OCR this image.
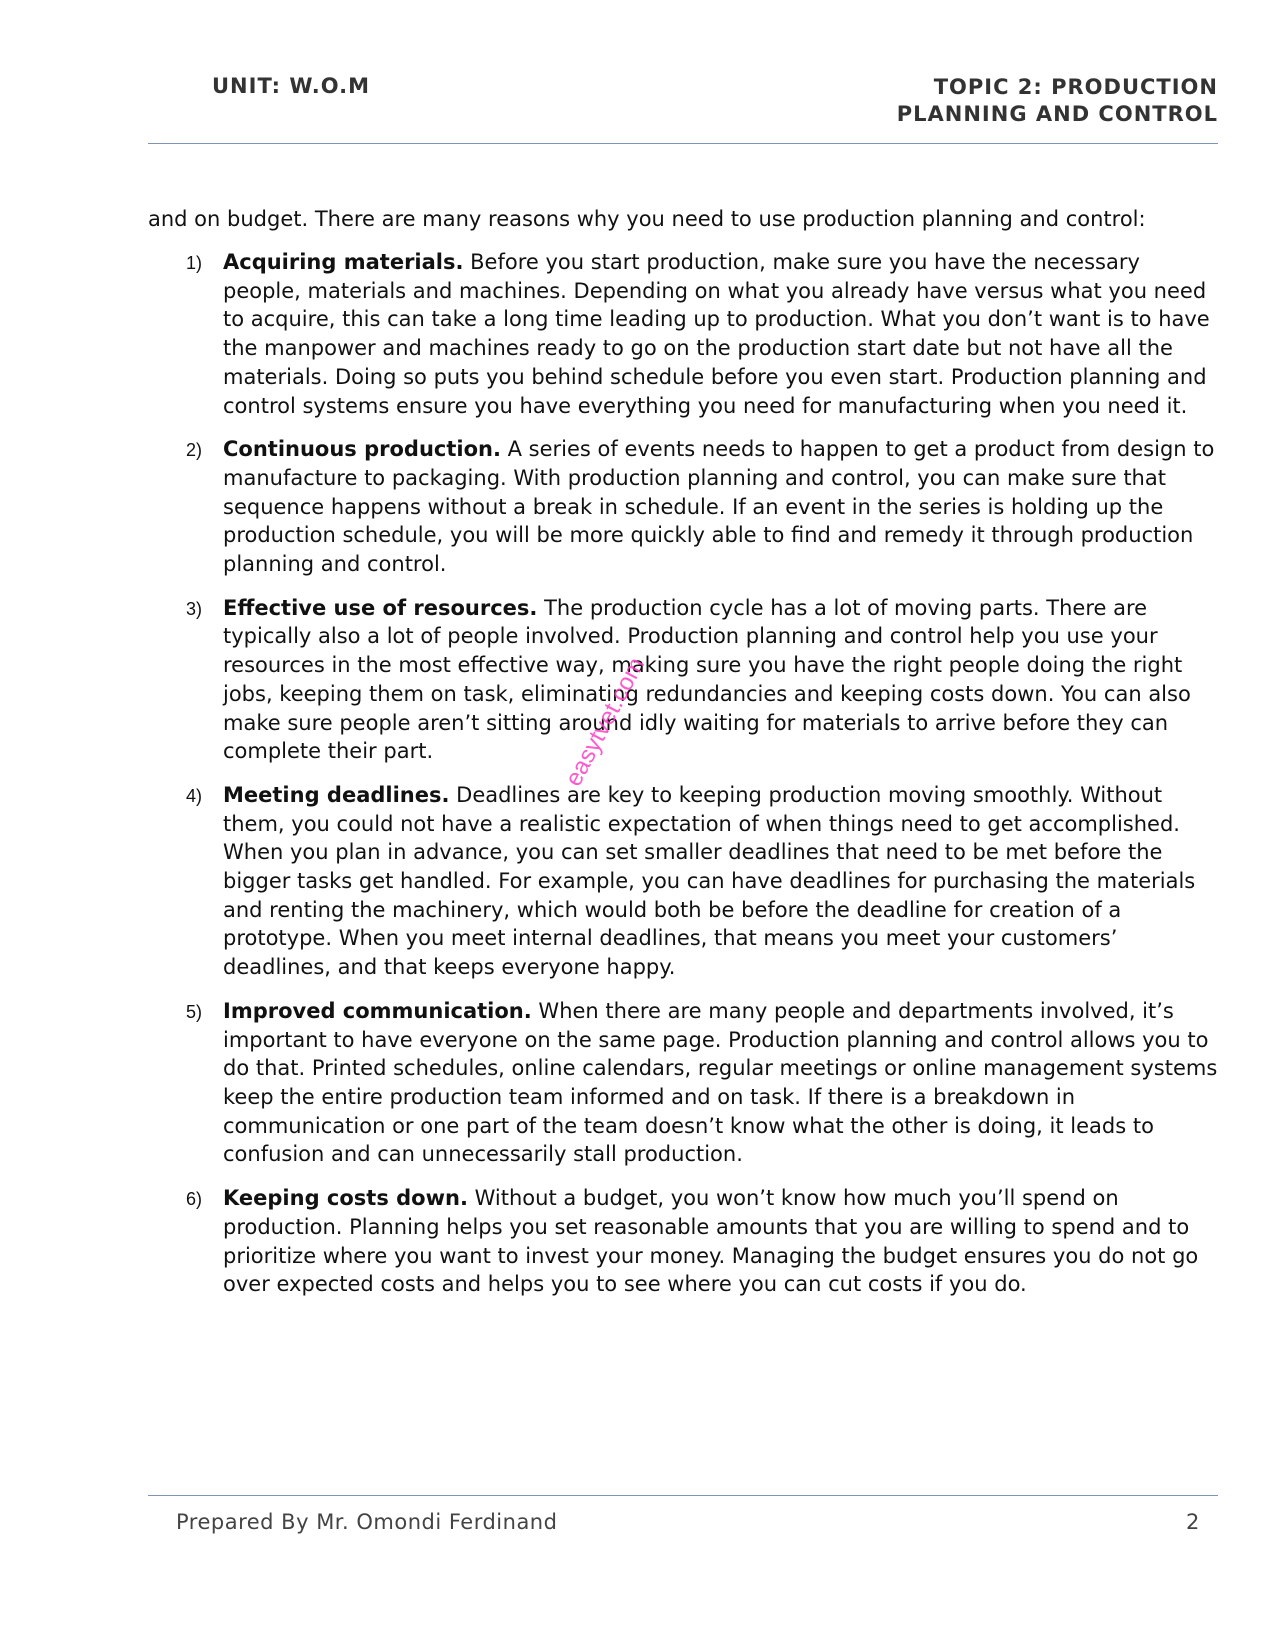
UNIT: W.O.M	TOPIC 2: PRODUCTION
PLANNING AND CONTROL

and on budget. There are many reasons why you need to use production planning and control:

1) Acquiring materials. Before you start production, make sure you have the necessary people, materials and machines. Depending on what you already have versus what you need to acquire, this can take a long time leading up to production. What you don’t want is to have the manpower and machines ready to go on the production start date but not have all the materials. Doing so puts you behind schedule before you even start. Production planning and control systems ensure you have everything you need for manufacturing when you need it.
2) Continuous production. A series of events needs to happen to get a product from design to manufacture to packaging. With production planning and control, you can make sure that sequence happens without a break in schedule. If an event in the series is holding up the production schedule, you will be more quickly able to find and remedy it through production planning and control.
3) Effective use of resources. The production cycle has a lot of moving parts. There are typically also a lot of people involved. Production planning and control help you use your resources in the most effective way, making sure you have the right people doing the right jobs, keeping them on task, eliminating redundancies and keeping costs down. You can also make sure people aren’t sitting around idly waiting for materials to arrive before they can complete their part.
4) Meeting deadlines. Deadlines are key to keeping production moving smoothly. Without them, you could not have a realistic expectation of when things need to get accomplished. When you plan in advance, you can set smaller deadlines that need to be met before the bigger tasks get handled. For example, you can have deadlines for purchasing the materials and renting the machinery, which would both be before the deadline for creation of a prototype. When you meet internal deadlines, that means you meet your customers’ deadlines, and that keeps everyone happy.
5) Improved communication. When there are many people and departments involved, it’s important to have everyone on the same page. Production planning and control allows you to do that. Printed schedules, online calendars, regular meetings or online management systems keep the entire production team informed and on task. If there is a breakdown in communication or one part of the team doesn’t know what the other is doing, it leads to confusion and can unnecessarily stall production.
6) Keeping costs down. Without a budget, you won’t know how much you’ll spend on production. Planning helps you set reasonable amounts that you are willing to spend and to prioritize where you want to invest your money. Managing the budget ensures you do not go over expected costs and helps you to see where you can cut costs if you do.
easytvet.com
Prepared By Mr. Omondi Ferdinand	2
